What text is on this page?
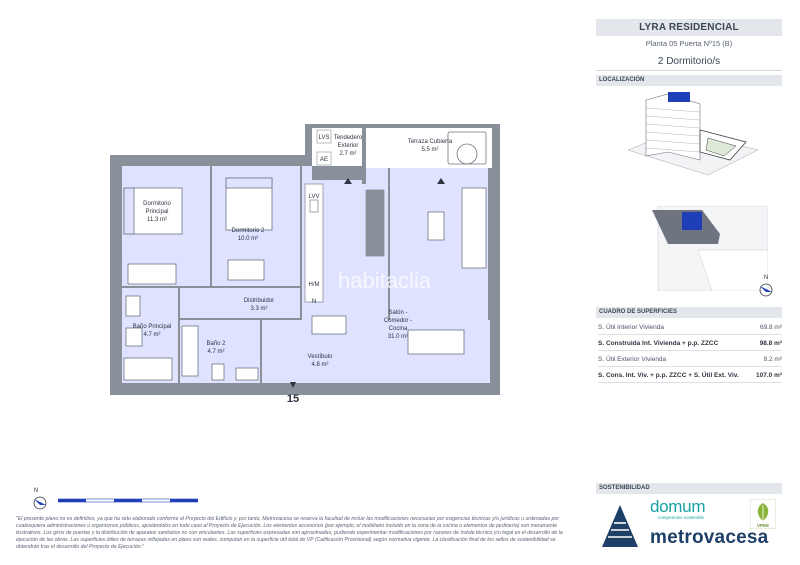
LVV
H/M
N
LVS
AE
Tendedero
Exterior
2.7 m²
Terraza Cubierta
5.5 m²
Dormitorio
Principal
11.3 m²
Dormitorio 2
10.0 m²
Distribuidor
3.3 m²
Baño Principal
4.7 m²
Baño 2
4.7 m²
Vestíbulo
4.8 m²
Salón -
Comedor -
Cocina
31.0 m²
15
habitaclia
LYRA RESIDENCIAL
Planta 05 Puerta Nº15 (B)
2 Dormitorio/s
LOCALIZACIÓN
N
CUADRO DE SUPERFICIES
S. Útil Interior Vivienda	69.8 m²
S. Construida Int. Vivienda + p.p. ZZCC	98.8 m²
S. Útil Exterior Vivienda	8.2 m²
S. Cons. Int. Viv. + p.p. ZZCC + S. Útil Ext. Viv.	107.0 m²
N
"El presente plano no es definitivo, ya que ha sido elaborado conforme al Proyecto del Edificio y, por tanto, Metrovacesa se reserva la facultad de incluir las modificaciones necesarias por exigencias técnicas y/o jurídicas u ordenadas por cualesquiera administraciones u organismos públicos, ajustándolos en todo caso al Proyecto de Ejecución. Los elementos accesorios (por ejemplo, el mobiliario incluido en la zona de la cocina o elementos de jardinería) son meramente ilustrativos. Los giros de puertas y la distribución de aparatos sanitarios no son vinculantes. Las superficies expresadas son aproximadas, pudiendo experimentar modificaciones por razones de índole técnico y/o legal en el desarrollo de la ejecución de las obras. Las superficies útiles de terrazas reflejadas en plano son reales, computan en la superficie útil total de VP (Calificación Provisional) según normativa vigente. La clasificación final de los sellos de sostenibilidad se obtendrán tras el desarrollo del Proyecto de Ejecución."
SOSTENIBILIDAD
domum
compromiso sostenible
VPEE
metrovacesa
